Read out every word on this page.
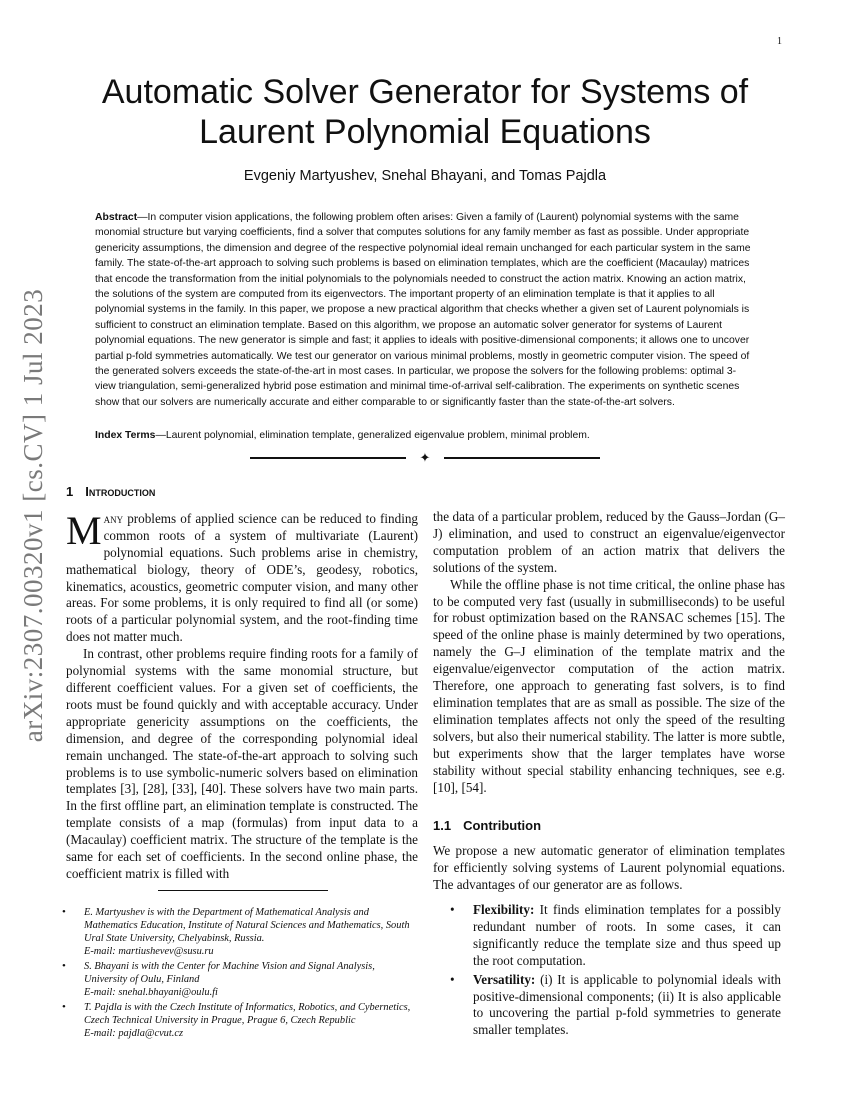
1
arXiv:2307.00320v1 [cs.CV] 1 Jul 2023
Automatic Solver Generator for Systems of
Laurent Polynomial Equations
Evgeniy Martyushev, Snehal Bhayani, and Tomas Pajdla

Abstract—In computer vision applications, the following problem often arises: Given a family of (Laurent) polynomial systems with the same monomial structure but varying coefficients, find a solver that computes solutions for any family member as fast as possible. Under appropriate genericity assumptions, the dimension and degree of the respective polynomial ideal remain unchanged for each particular system in the same family. The state-of-the-art approach to solving such problems is based on elimination templates, which are the coefficient (Macaulay) matrices that encode the transformation from the initial polynomials to the polynomials needed to construct the action matrix. Knowing an action matrix, the solutions of the system are computed from its eigenvectors. The important property of an elimination template is that it applies to all polynomial systems in the family. In this paper, we propose a new practical algorithm that checks whether a given set of Laurent polynomials is sufficient to construct an elimination template. Based on this algorithm, we propose an automatic solver generator for systems of Laurent polynomial equations. The new generator is simple and fast; it applies to ideals with positive-dimensional components; it allows one to uncover partial p-fold symmetries automatically. We test our generator on various minimal problems, mostly in geometric computer vision. The speed of the generated solvers exceeds the state-of-the-art in most cases. In particular, we propose the solvers for the following problems: optimal 3-view triangulation, semi-generalized hybrid pose estimation and minimal time-of-arrival self-calibration. The experiments on synthetic scenes show that our solvers are numerically accurate and either comparable to or significantly faster than the state-of-the-art solvers.

Index Terms—Laurent polynomial, elimination template, generalized eigenvalue problem, minimal problem.

✦
1 Introduction

Many problems of applied science can be reduced to finding common roots of a system of multivariate (Laurent) polynomial equations. Such problems arise in chemistry, mathematical biology, theory of ODE’s, geodesy, robotics, kinematics, acoustics, geometric computer vision, and many other areas. For some problems, it is only required to find all (or some) roots of a particular polynomial system, and the root-finding time does not matter much.

In contrast, other problems require finding roots for a family of polynomial systems with the same monomial structure, but different coefficient values. For a given set of coefficients, the roots must be found quickly and with acceptable accuracy. Under appropriate genericity assumptions on the coefficients, the dimension, and degree of the corresponding polynomial ideal remain unchanged. The state-of-the-art approach to solving such problems is to use symbolic-numeric solvers based on elimination templates [3], [28], [33], [40]. These solvers have two main parts. In the first offline part, an elimination template is constructed. The template consists of a map (formulas) from input data to a (Macaulay) coefficient matrix. The structure of the template is the same for each set of coefficients. In the second online phase, the coefficient matrix is filled with

the data of a particular problem, reduced by the Gauss–Jordan (G–J) elimination, and used to construct an eigenvalue/eigenvector computation problem of an action matrix that delivers the solutions of the system.

While the offline phase is not time critical, the online phase has to be computed very fast (usually in submilliseconds) to be useful for robust optimization based on the RANSAC schemes [15]. The speed of the online phase is mainly determined by two operations, namely the G–J elimination of the template matrix and the eigenvalue/eigenvector computation of the action matrix. Therefore, one approach to generating fast solvers, is to find elimination templates that are as small as possible. The size of the elimination templates affects not only the speed of the resulting solvers, but also their numerical stability. The latter is more subtle, but experiments show that the larger templates have worse stability without special stability enhancing techniques, see e.g. [10], [54].

1.1 Contribution

We propose a new automatic generator of elimination templates for efficiently solving systems of Laurent polynomial equations. The advantages of our generator are as follows.

• Flexibility: It finds elimination templates for a possibly redundant number of roots. In some cases, it can significantly reduce the template size and thus speed up the root computation.
• Versatility: (i) It is applicable to polynomial ideals with positive-dimensional components; (ii) It is also applicable to uncovering the partial p-fold symmetries to generate smaller templates.
• E. Martyushev is with the Department of Mathematical Analysis and Mathematics Education, Institute of Natural Sciences and Mathematics, South Ural State University, Chelyabinsk, Russia.
E-mail: martiushevev@susu.ru
• S. Bhayani is with the Center for Machine Vision and Signal Analysis, University of Oulu, Finland
E-mail: snehal.bhayani@oulu.fi
• T. Pajdla is with the Czech Institute of Informatics, Robotics, and Cybernetics, Czech Technical University in Prague, Prague 6, Czech Republic
E-mail: pajdla@cvut.cz
